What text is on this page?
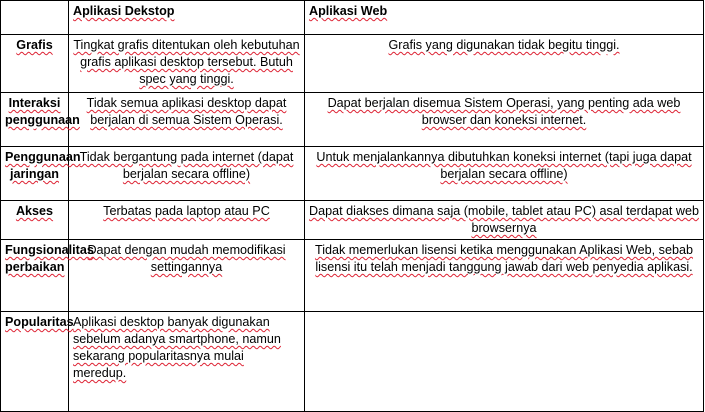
	Aplikasi Dekstop	Aplikasi Web
Grafis	Tingkat grafis ditentukan oleh kebutuhan grafis aplikasi desktop tersebut. Butuh spec yang tinggi.	Grafis yang digunakan tidak begitu tinggi.
Interaksi penggunaan	Tidak semua aplikasi desktop dapat berjalan di semua Sistem Operasi.	Dapat berjalan disemua Sistem Operasi, yang penting ada web browser dan koneksi internet.
Penggunaan jaringan	Tidak bergantung pada internet (dapat berjalan secara offline)	Untuk menjalankannya dibutuhkan koneksi internet (tapi juga dapat berjalan secara offline)
Akses	Terbatas pada laptop atau PC	Dapat diakses dimana saja (mobile, tablet atau PC) asal terdapat web browsernya
Fungsionalitas perbaikan	Dapat dengan mudah memodifikasi settingannya	Tidak memerlukan lisensi ketika menggunakan Aplikasi Web, sebab lisensi itu telah menjadi tanggung jawab dari web penyedia aplikasi.
Popularitas	Aplikasi desktop banyak digunakan sebelum adanya smartphone, namun sekarang popularitasnya mulai meredup.	
